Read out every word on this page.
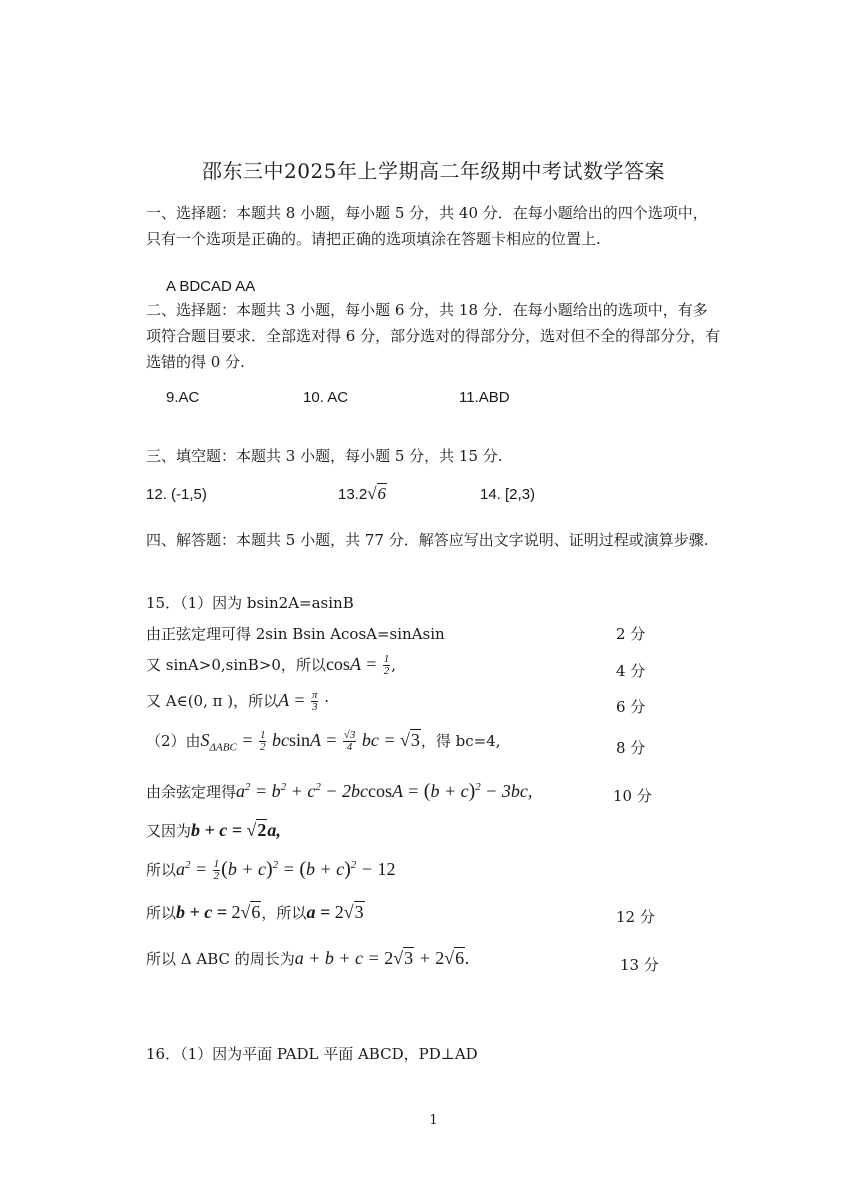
邵东三中2025年上学期高二年级期中考试数学答案
一、选择题：本题共 8 小题，每小题 5 分，共 40 分．在每小题给出的四个选项中，只有一个选项是正确的。请把正确的选项填涂在答题卡相应的位置上.
A BDCAD AA
二、选择题：本题共 3 小题，每小题 6 分，共 18 分．在每小题给出的选项中，有多项符合题目要求．全部选对得 6 分，部分选对的得部分分，选对但不全的得部分分，有选错的得 0 分.
9.AC	10. AC	11.ABD
三、填空题：本题共 3 小题，每小题 5 分，共 15 分.
12. (-1,5)	13.2√6	14. [2,3)
四、解答题：本题共 5 小题，共 77 分．解答应写出文字说明、证明过程或演算步骤.
15．（1）因为 bsin2A=asinB
由正弦定理可得 2sin Bsin AcosA=sinAsin	2 分
又 sinA>0,sinB>0，所以$\cos A = \frac{1}{2}$ ,	4 分
又 A∈(0, π )，所以$A = \frac{\pi}{3}$ ·	6 分
（2）由$S_{\Delta ABC} = \frac{1}{2}$ $bcsinA = \frac{√3}{4}$ bc = √3，得 bc=4,	8 分
由余弦定理得$a^2 = b^2 + c^2 - 2bccosA = (b + c)^2 - 3bc$,	10 分
又因为b + c = √2a,
所以$a^2 = \frac{1}{2} (b + c)^2 = (b + c)^2 - 12$
所以b + c = 2√6，所以a = 2√3	12 分
所以 Δ ABC 的周长为a + b + c = 2√3 + 2√6.	13 分
16．（1）因为平面 PADL 平面 ABCD，PD⊥AD
1
